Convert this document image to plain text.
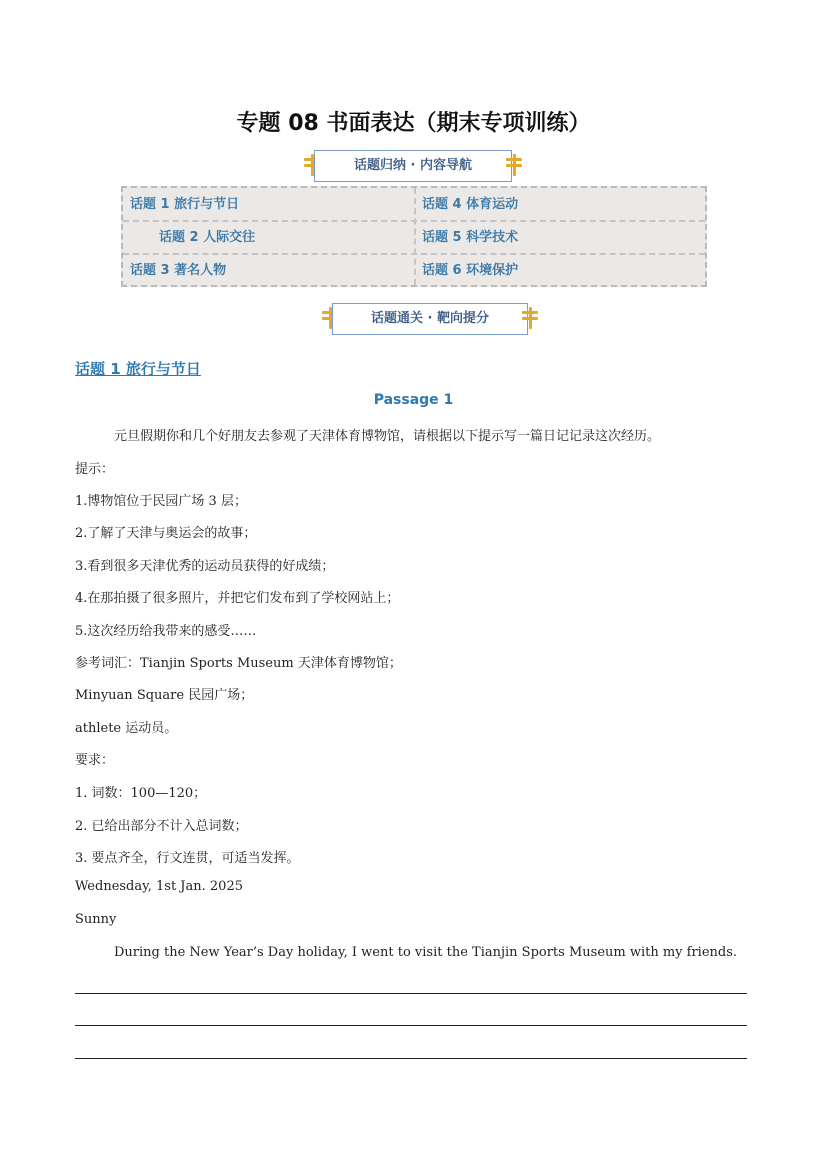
专题 08 书面表达（期末专项训练）
话题归纳 · 内容导航
话题 1 旅行与节日	话题 4 体育运动
话题 2 人际交往	话题 5 科学技术
话题 3 著名人物	话题 6 环境保护
话题通关 · 靶向提分
话题 1 旅行与节日
Passage 1
元旦假期你和几个好朋友去参观了天津体育博物馆，请根据以下提示写一篇日记记录这次经历。
提示：
1.博物馆位于民园广场 3 层；
2.了解了天津与奥运会的故事；
3.看到很多天津优秀的运动员获得的好成绩；
4.在那拍摄了很多照片，并把它们发布到了学校网站上；
5.这次经历给我带来的感受……
参考词汇：Tianjin Sports Museum 天津体育博物馆；
Minyuan Square 民园广场；
athlete 运动员。
要求：
1. 词数：100—120；
2. 已给出部分不计入总词数；
3. 要点齐全，行文连贯，可适当发挥。
Wednesday, 1st Jan. 2025
Sunny
During the New Year’s Day holiday, I went to visit the Tianjin Sports Museum with my friends.
